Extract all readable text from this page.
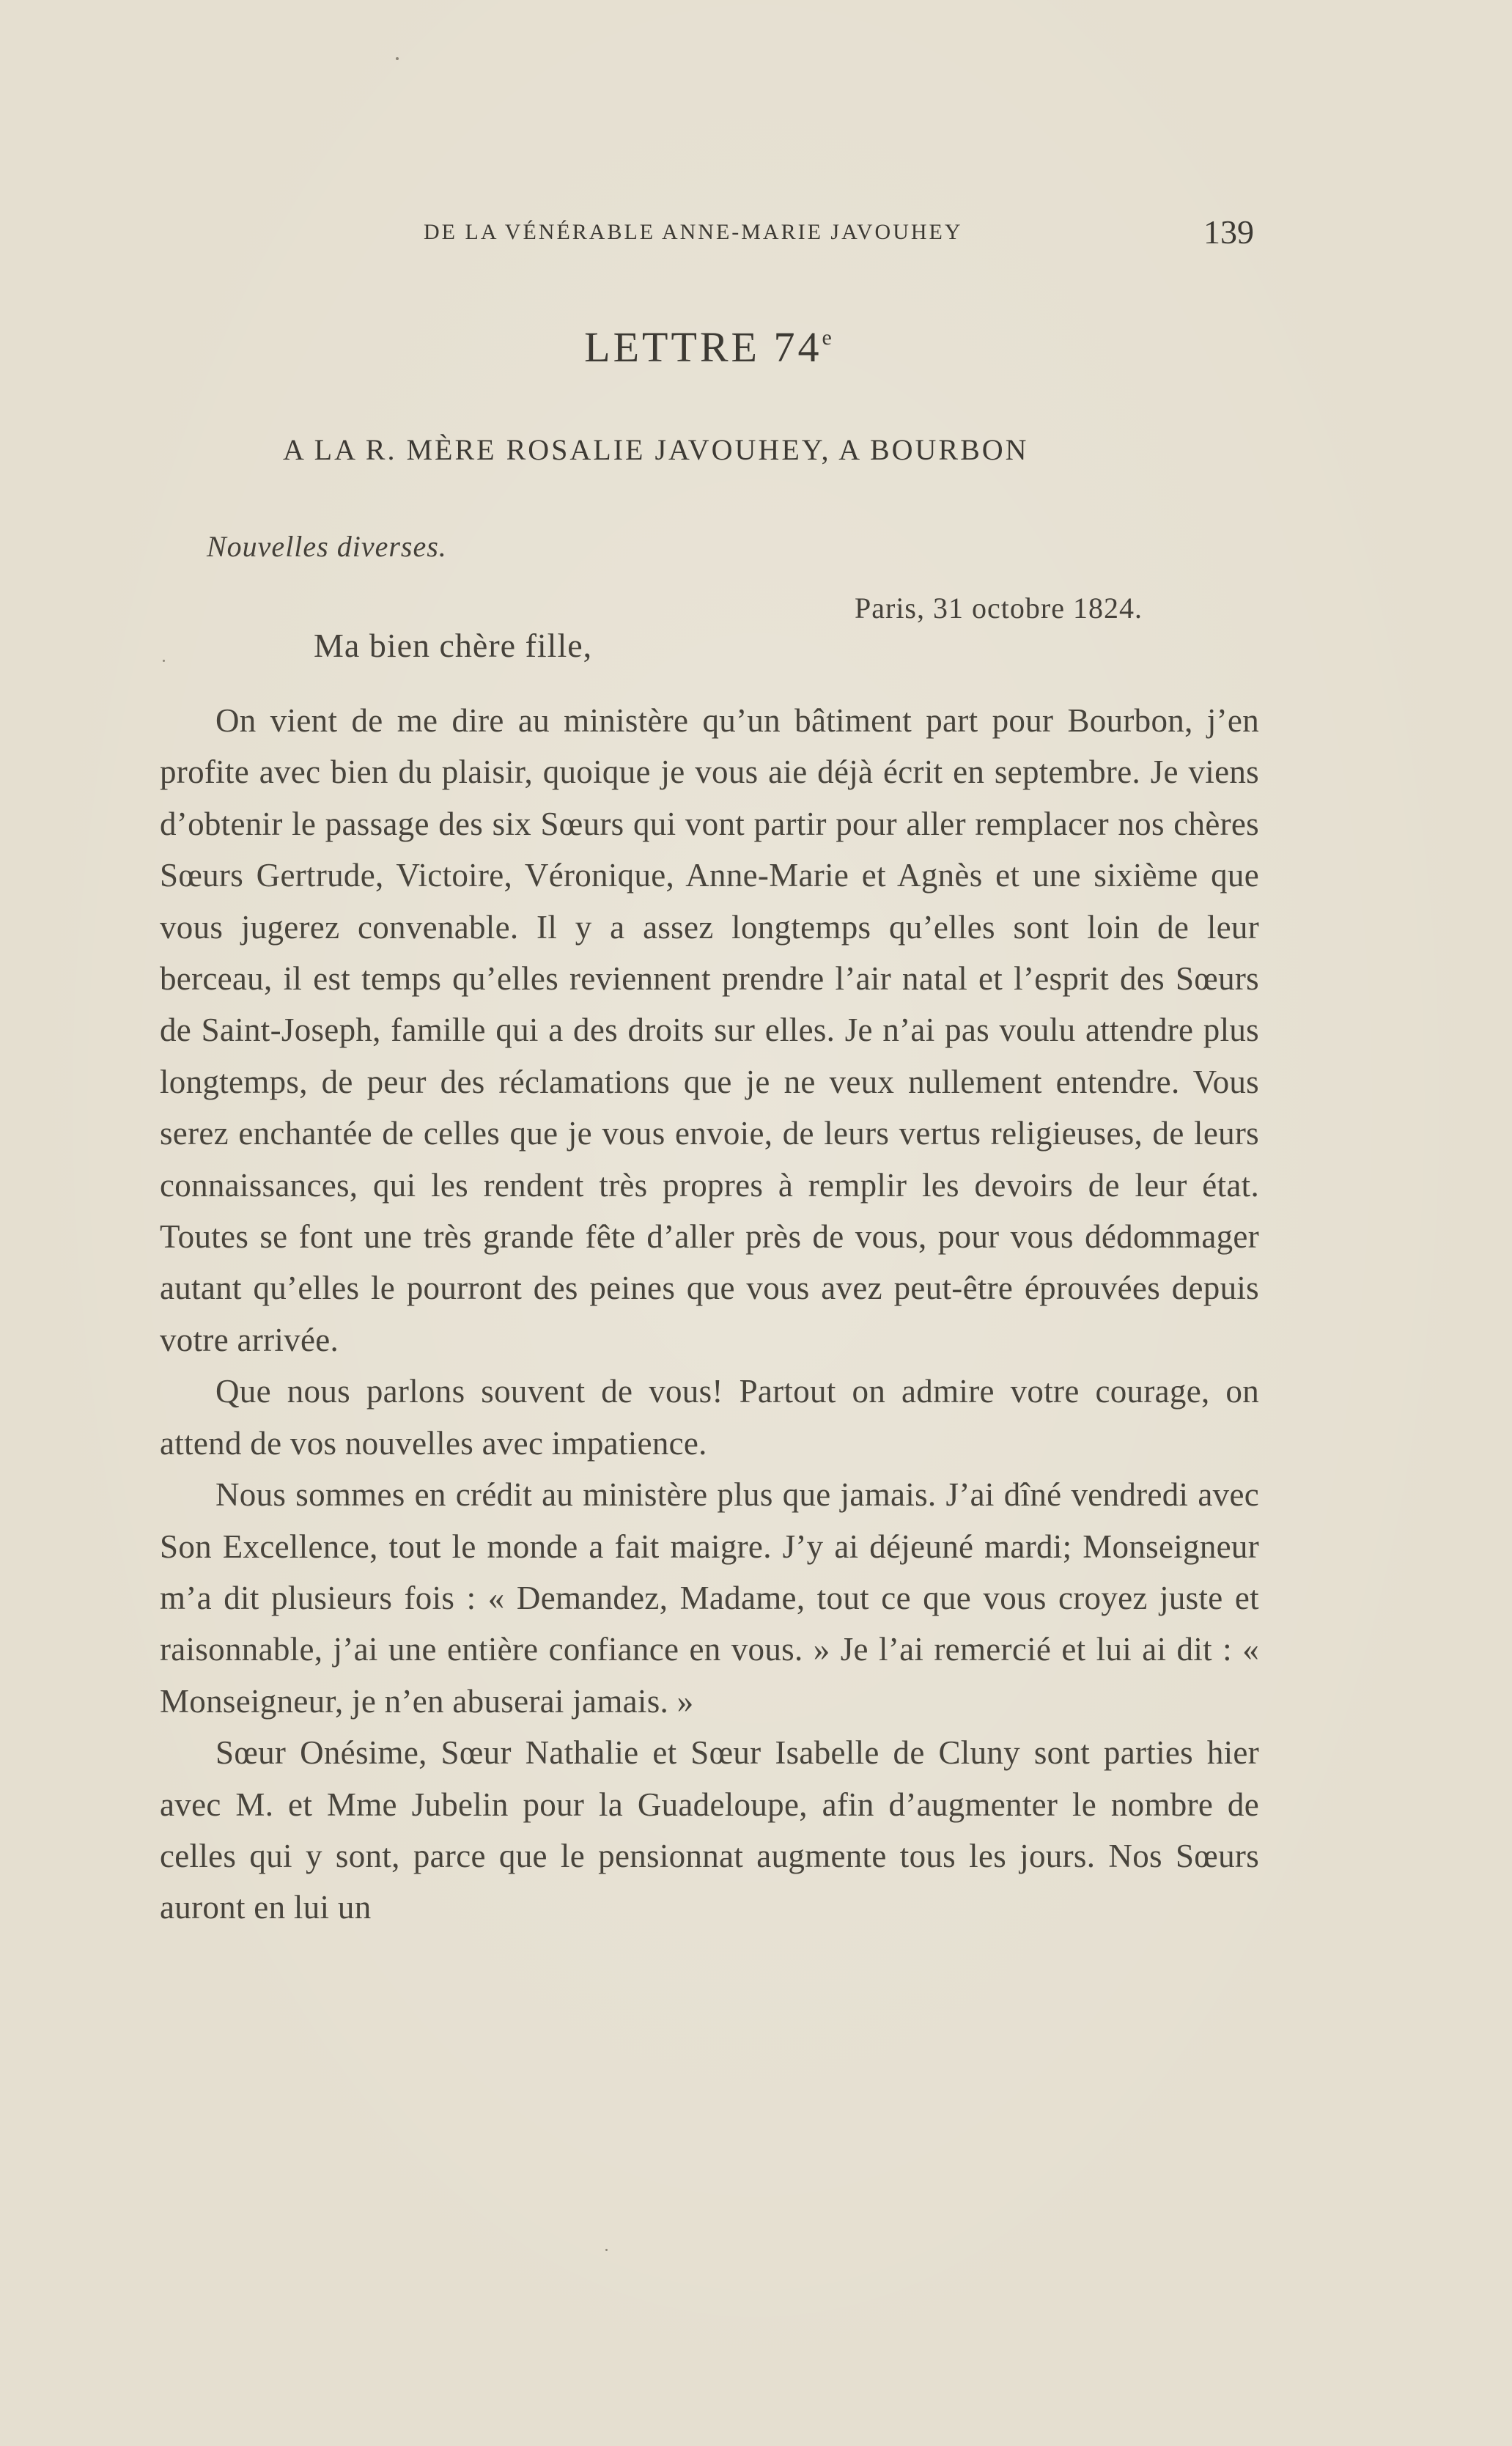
DE LA VÉNÉRABLE ANNE-MARIE JAVOUHEY	139
LETTRE 74e
A LA R. MÈRE ROSALIE JAVOUHEY, A BOURBON
Nouvelles diverses.
Paris, 31 octobre 1824.
Ma bien chère fille,

On vient de me dire au ministère qu’un bâtiment part pour Bourbon, j’en profite avec bien du plaisir, quoique je vous aie déjà écrit en septembre. Je viens d’obtenir le passage des six Sœurs qui vont partir pour aller remplacer nos chères Sœurs Gertrude, Victoire, Véronique, Anne-Marie et Agnès et une sixième que vous jugerez convenable. Il y a assez longtemps qu’elles sont loin de leur berceau, il est temps qu’elles reviennent prendre l’air natal et l’esprit des Sœurs de Saint-Joseph, famille qui a des droits sur elles. Je n’ai pas voulu attendre plus longtemps, de peur des réclamations que je ne veux nullement entendre. Vous serez enchantée de celles que je vous envoie, de leurs vertus religieuses, de leurs connaissances, qui les rendent très propres à remplir les devoirs de leur état. Toutes se font une très grande fête d’aller près de vous, pour vous dédommager autant qu’elles le pourront des peines que vous avez peut-être éprouvées depuis votre arrivée.

Que nous parlons souvent de vous! Partout on admire votre courage, on attend de vos nouvelles avec impatience.

Nous sommes en crédit au ministère plus que jamais. J’ai dîné vendredi avec Son Excellence, tout le monde a fait maigre. J’y ai déjeuné mardi; Monseigneur m’a dit plusieurs fois : « Demandez, Madame, tout ce que vous croyez juste et raisonnable, j’ai une entière confiance en vous. » Je l’ai remercié et lui ai dit : « Monseigneur, je n’en abuserai jamais. »

Sœur Onésime, Sœur Nathalie et Sœur Isabelle de Cluny sont parties hier avec M. et Mme Jubelin pour la Guadeloupe, afin d’augmenter le nombre de celles qui y sont, parce que le pensionnat augmente tous les jours. Nos Sœurs auront en lui un
